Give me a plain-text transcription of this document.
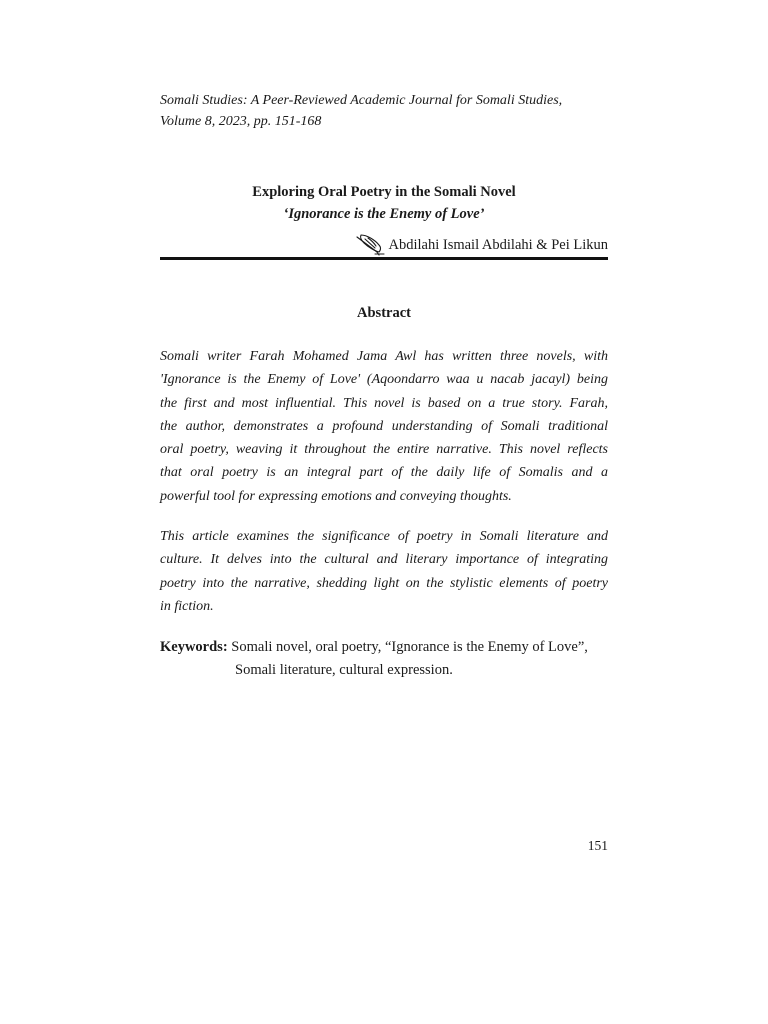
Somali Studies: A Peer-Reviewed Academic Journal for Somali Studies,
Volume 8, 2023, pp. 151-168
Exploring Oral Poetry in the Somali Novel
‘Ignorance is the Enemy of Love’
Abdilahi Ismail Abdilahi & Pei Likun
Abstract
Somali writer Farah Mohamed Jama Awl has written three novels, with
'Ignorance is the Enemy of Love' (Aqoondarro waa u nacab jacayl) being
the first and most influential. This novel is based on a true story. Farah,
the author, demonstrates a profound understanding of Somali traditional
oral poetry, weaving it throughout the entire narrative. This novel reflects
that oral poetry is an integral part of the daily life of Somalis and a
powerful tool for expressing emotions and conveying thoughts.
This article examines the significance of poetry in Somali literature and
culture. It delves into the cultural and literary importance of integrating
poetry into the narrative, shedding light on the stylistic elements of poetry
in fiction.
Keywords: Somali novel, oral poetry, “Ignorance is the Enemy of Love”,
Somali literature, cultural expression.
151
